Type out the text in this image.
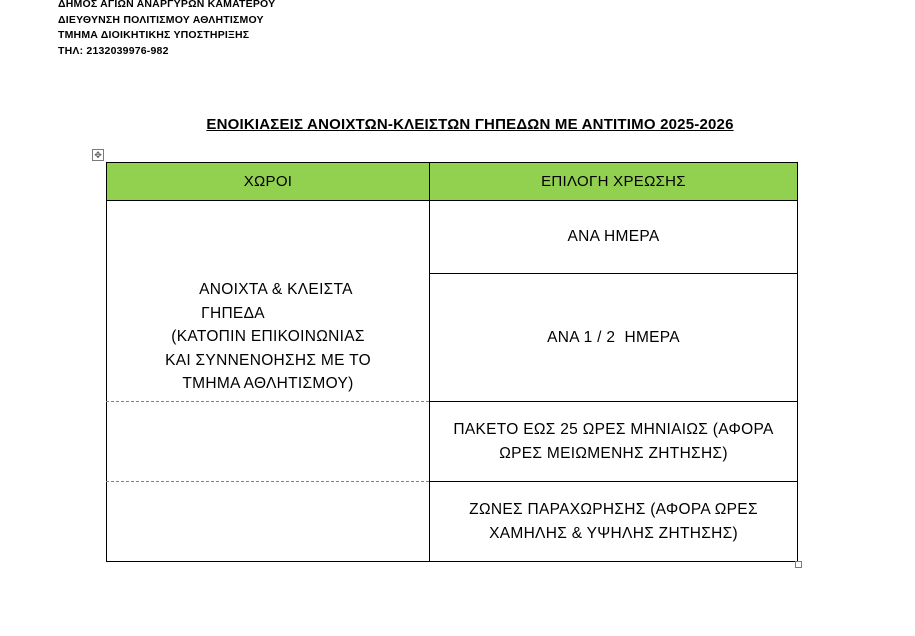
ΔΗΜΟΣ ΑΓΙΩΝ ΑΝΑΡΓΥΡΩΝ ΚΑΜΑΤΕΡΟΥ
ΔΙΕΥΘΥΝΣΗ ΠΟΛΙΤΙΣΜΟΥ ΑΘΛΗΤΙΣΜΟΥ
ΤΜΗΜΑ ΔΙΟΙΚΗΤΙΚΗΣ ΥΠΟΣΤΗΡΙΞΗΣ
ΤΗΛ: 2132039976-982
ΕΝΟΙΚΙΑΣΕΙΣ ΑΝΟΙΧΤΩΝ-ΚΛΕΙΣΤΩΝ ΓΗΠΕΔΩΝ ΜΕ ΑΝΤΙΤΙΜΟ 2025-2026
✥
ΧΩΡΟΙ	ΕΠΙΛΟΓΗ ΧΡΕΩΣΗΣ
ΑΝΟΙΧΤΑ & ΚΛΕΙΣΤΑ
ΓΗΠΕΔΑ
(ΚΑΤΟΠΙΝ ΕΠΙΚΟΙΝΩΝΙΑΣ
ΚΑΙ ΣΥΝΝΕΝΟΗΣΗΣ ΜΕ ΤΟ
ΤΜΗΜΑ ΑΘΛΗΤΙΣΜΟΥ)
ΑΝΑ ΗΜΕΡΑ
ΑΝΑ 1 / 2  ΗΜΕΡΑ
ΠΑΚΕΤΟ ΕΩΣ 25 ΩΡΕΣ ΜΗΝΙΑΙΩΣ (ΑΦΟΡΑ
ΩΡΕΣ ΜΕΙΩΜΕΝΗΣ ΖΗΤΗΣΗΣ)
ΖΩΝΕΣ ΠΑΡΑΧΩΡΗΣΗΣ (ΑΦΟΡΑ ΩΡΕΣ
ΧΑΜΗΛΗΣ & ΥΨΗΛΗΣ ΖΗΤΗΣΗΣ)
